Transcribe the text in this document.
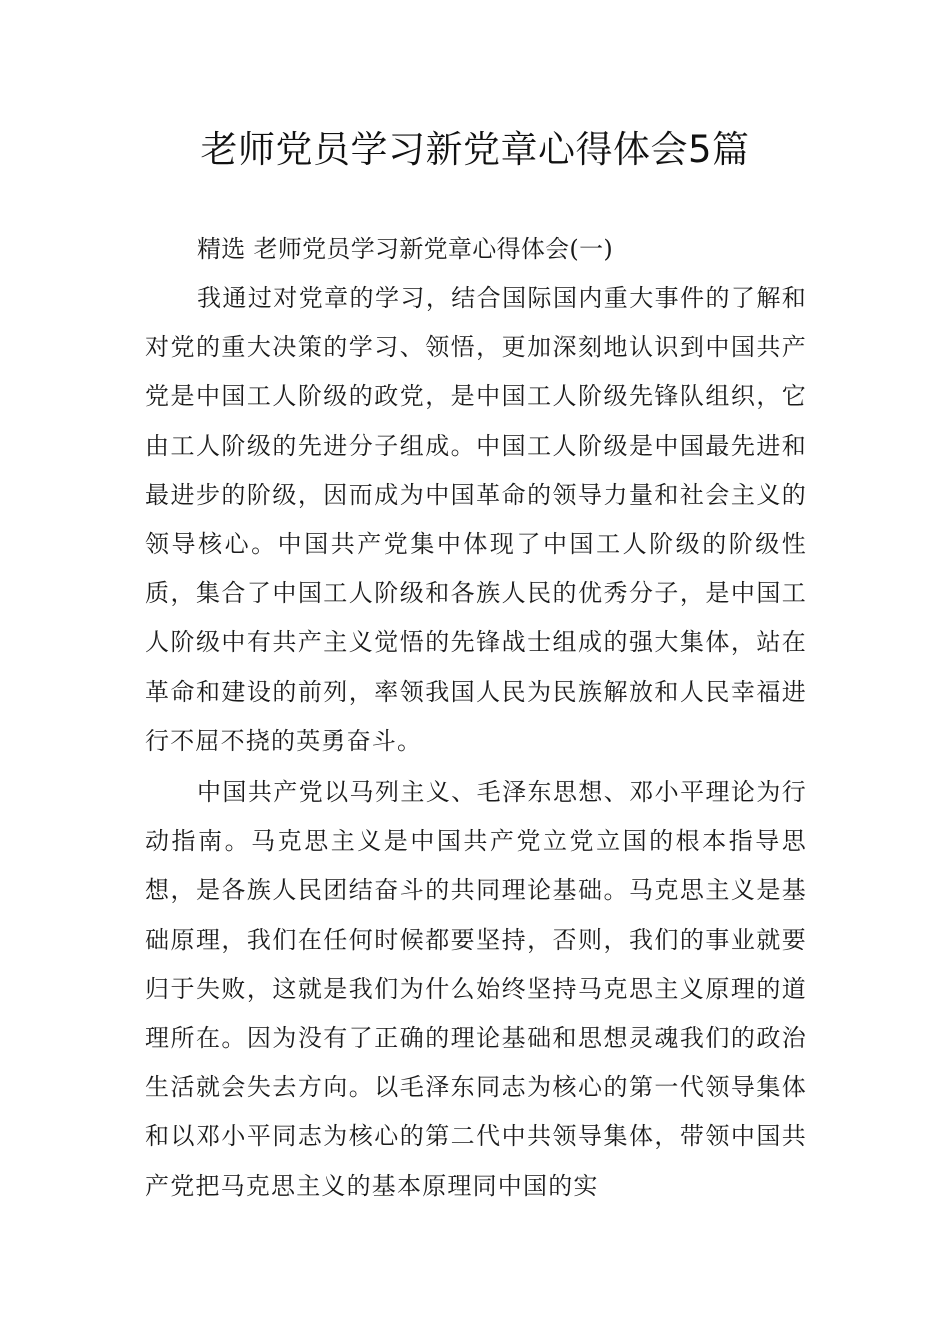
老师党员学习新党章心得体会5篇

精选 老师党员学习新党章心得体会(一)

我通过对党章的学习，结合国际国内重大事件的了解和对党的重大决策的学习、领悟，更加深刻地认识到中国共产党是中国工人阶级的政党，是中国工人阶级先锋队组织，它由工人阶级的先进分子组成。中国工人阶级是中国最先进和最进步的阶级，因而成为中国革命的领导力量和社会主义的领导核心。中国共产党集中体现了中国工人阶级的阶级性质，集合了中国工人阶级和各族人民的优秀分子，是中国工人阶级中有共产主义觉悟的先锋战士组成的强大集体，站在革命和建设的前列，率领我国人民为民族解放和人民幸福进行不屈不挠的英勇奋斗。

中国共产党以马列主义、毛泽东思想、邓小平理论为行动指南。马克思主义是中国共产党立党立国的根本指导思想，是各族人民团结奋斗的共同理论基础。马克思主义是基础原理，我们在任何时候都要坚持，否则，我们的事业就要归于失败，这就是我们为什么始终坚持马克思主义原理的道理所在。因为没有了正确的理论基础和思想灵魂我们的政治生活就会失去方向。以毛泽东同志为核心的第一代领导集体和以邓小平同志为核心的第二代中共领导集体，带领中国共产党把马克思主义的基本原理同中国的实
